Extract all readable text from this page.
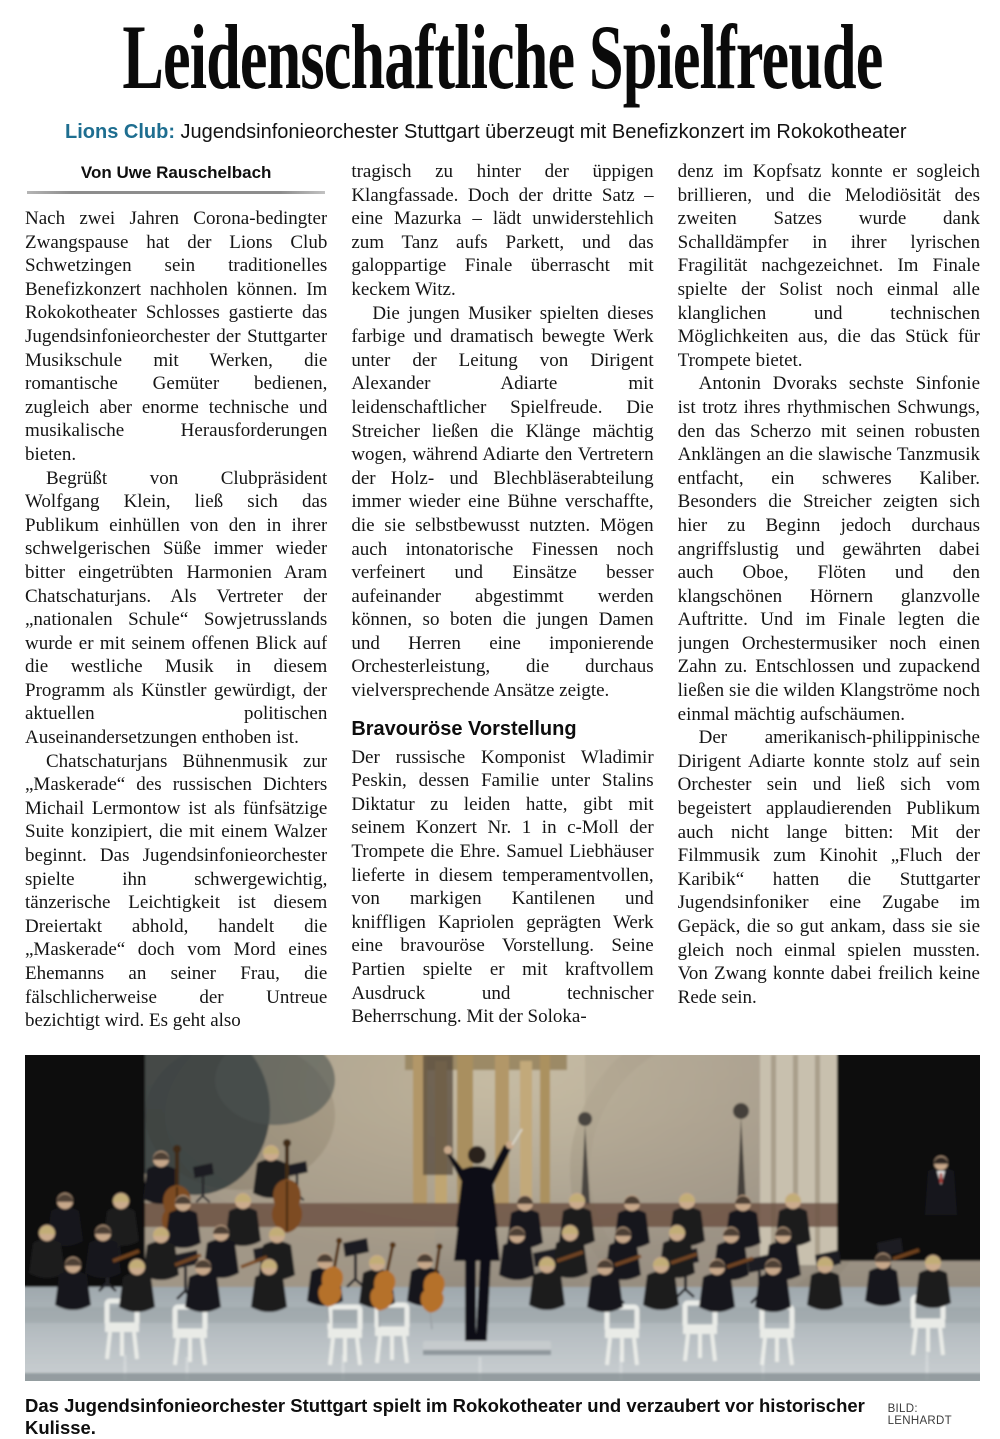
Leidenschaftliche Spielfreude

Lions Club: Jugendsinfonieorchester Stuttgart überzeugt mit Benefizkonzert im Rokokotheater

Von Uwe Rauschelbach

Nach zwei Jahren Corona-bedingter Zwangspause hat der Lions Club Schwetzingen sein traditionelles Benefizkonzert nachholen können. Im Rokokotheater Schlosses gastierte das Jugendsinfonieorchester der Stuttgarter Musikschule mit Werken, die romantische Gemüter bedienen, zugleich aber enorme technische und musikalische Herausforderungen bieten.

Begrüßt von Clubpräsident Wolfgang Klein, ließ sich das Publikum einhüllen von den in ihrer schwelgerischen Süße immer wieder bitter eingetrübten Harmonien Aram Chatschaturjans. Als Vertreter der „nationalen Schule“ Sowjetrusslands wurde er mit seinem offenen Blick auf die westliche Musik in diesem Programm als Künstler gewürdigt, der aktuellen politischen Auseinandersetzungen enthoben ist.

Chatschaturjans Bühnenmusik zur „Maskerade“ des russischen Dichters Michail Lermontow ist als fünfsätzige Suite konzipiert, die mit einem Walzer beginnt. Das Jugendsinfonieorchester spielte ihn schwergewichtig, tänzerische Leichtigkeit ist diesem Dreiertakt abhold, handelt die „Maskerade“ doch vom Mord eines Ehemanns an seiner Frau, die fälschlicherweise der Untreue bezichtigt wird. Es geht also

tragisch zu hinter der üppigen Klangfassade. Doch der dritte Satz – eine Mazurka – lädt unwiderstehlich zum Tanz aufs Parkett, und das galoppartige Finale überrascht mit keckem Witz.

Die jungen Musiker spielten dieses farbige und dramatisch bewegte Werk unter der Leitung von Dirigent Alexander Adiarte mit leidenschaftlicher Spielfreude. Die Streicher ließen die Klänge mächtig wogen, während Adiarte den Vertretern der Holz- und Blechbläserabteilung immer wieder eine Bühne verschaffte, die sie selbstbewusst nutzten. Mögen auch intonatorische Finessen noch verfeinert und Einsätze besser aufeinander abgestimmt werden können, so boten die jungen Damen und Herren eine imponierende Orchesterleistung, die durchaus vielversprechende Ansätze zeigte.

Bravouröse Vorstellung

Der russische Komponist Wladimir Peskin, dessen Familie unter Stalins Diktatur zu leiden hatte, gibt mit seinem Konzert Nr. 1 in c-Moll der Trompete die Ehre. Samuel Liebhäuser lieferte in diesem temperamentvollen, von markigen Kantilenen und kniffligen Kapriolen geprägten Werk eine bravouröse Vorstellung. Seine Partien spielte er mit kraftvollem Ausdruck und technischer Beherrschung. Mit der Soloka-

denz im Kopfsatz konnte er sogleich brillieren, und die Melodiösität des zweiten Satzes wurde dank Schalldämpfer in ihrer lyrischen Fragilität nachgezeichnet. Im Finale spielte der Solist noch einmal alle klanglichen und technischen Möglichkeiten aus, die das Stück für Trompete bietet.

Antonin Dvoraks sechste Sinfonie ist trotz ihres rhythmischen Schwungs, den das Scherzo mit seinen robusten Anklängen an die slawische Tanzmusik entfacht, ein schweres Kaliber. Besonders die Streicher zeigten sich hier zu Beginn jedoch durchaus angriffslustig und gewährten dabei auch Oboe, Flöten und den klangschönen Hörnern glanzvolle Auftritte. Und im Finale legten die jungen Orchestermusiker noch einen Zahn zu. Entschlossen und zupackend ließen sie die wilden Klangströme noch einmal mächtig aufschäumen.

Der amerikanisch-philippinische Dirigent Adiarte konnte stolz auf sein Orchester sein und ließ sich vom begeistert applaudierenden Publikum auch nicht lange bitten: Mit der Filmmusik zum Kinohit „Fluch der Karibik“ hatten die Stuttgarter Jugendsinfoniker eine Zugabe im Gepäck, die so gut ankam, dass sie sie gleich noch einmal spielen mussten. Von Zwang konnte dabei freilich keine Rede sein.

Das Jugendsinfonieorchester Stuttgart spielt im Rokokotheater und verzaubert vor historischer Kulisse.
BILD: LENHARDT
